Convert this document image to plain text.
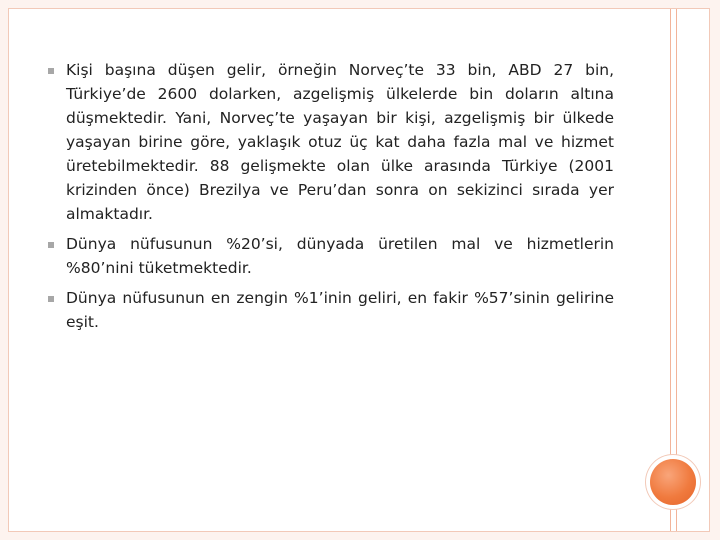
Kişi başına düşen gelir, örneğin Norveç’te 33 bin, ABD 27 bin, Türkiye’de 2600 dolarken, azgelişmiş ülkelerde bin doların altına düşmektedir. Yani, Norveç’te yaşayan bir kişi, azgelişmiş bir ülkede yaşayan birine göre, yaklaşık otuz üç kat daha fazla mal ve hizmet üretebilmektedir. 88 gelişmekte olan ülke arasında Türkiye (2001 krizinden önce) Brezilya ve Peru’dan sonra on sekizinci sırada yer almaktadır.
Dünya nüfusunun %20’si, dünyada üretilen mal ve hizmetlerin %80’nini tüketmektedir.
Dünya nüfusunun en zengin %1’inin geliri, en fakir %57’sinin gelirine eşit.
